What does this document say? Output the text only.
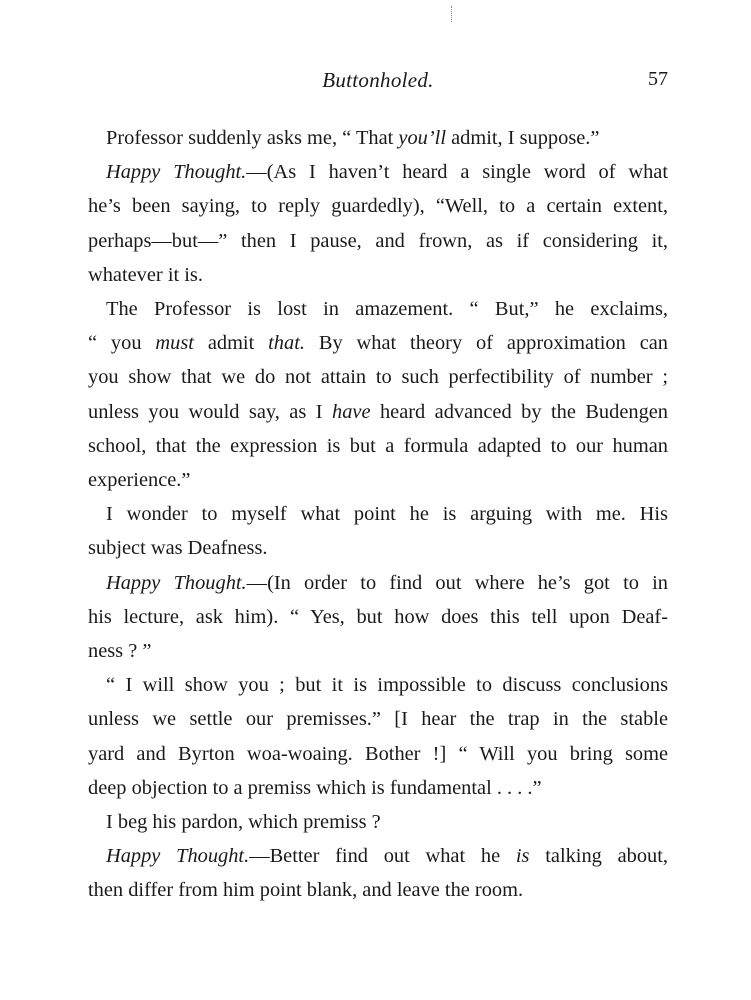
Buttonholed.	57
Professor suddenly asks me, “ That you’ll admit, I suppose.”
Happy Thought.—(As I haven’t heard a single word of what
he’s been saying, to reply guardedly), “Well, to a certain extent,
perhaps—but—” then I pause, and frown, as if considering it,
whatever it is.
The Professor is lost in amazement. “ But,” he exclaims,
“ you must admit that. By what theory of approximation can
you show that we do not attain to such perfectibility of number ;
unless you would say, as I have heard advanced by the Budengen
school, that the expression is but a formula adapted to our human
experience.”
I wonder to myself what point he is arguing with me. His
subject was Deafness.
Happy Thought.—(In order to find out where he’s got to in
his lecture, ask him). “ Yes, but how does this tell upon Deaf-
ness ? ”
“ I will show you ; but it is impossible to discuss conclusions
unless we settle our premisses.” [I hear the trap in the stable
yard and Byrton woa-woaing. Bother !] “ Will you bring some
deep objection to a premiss which is fundamental . . . .”
I beg his pardon, which premiss ?
Happy Thought.—Better find out what he is talking about,
then differ from him point blank, and leave the room.
